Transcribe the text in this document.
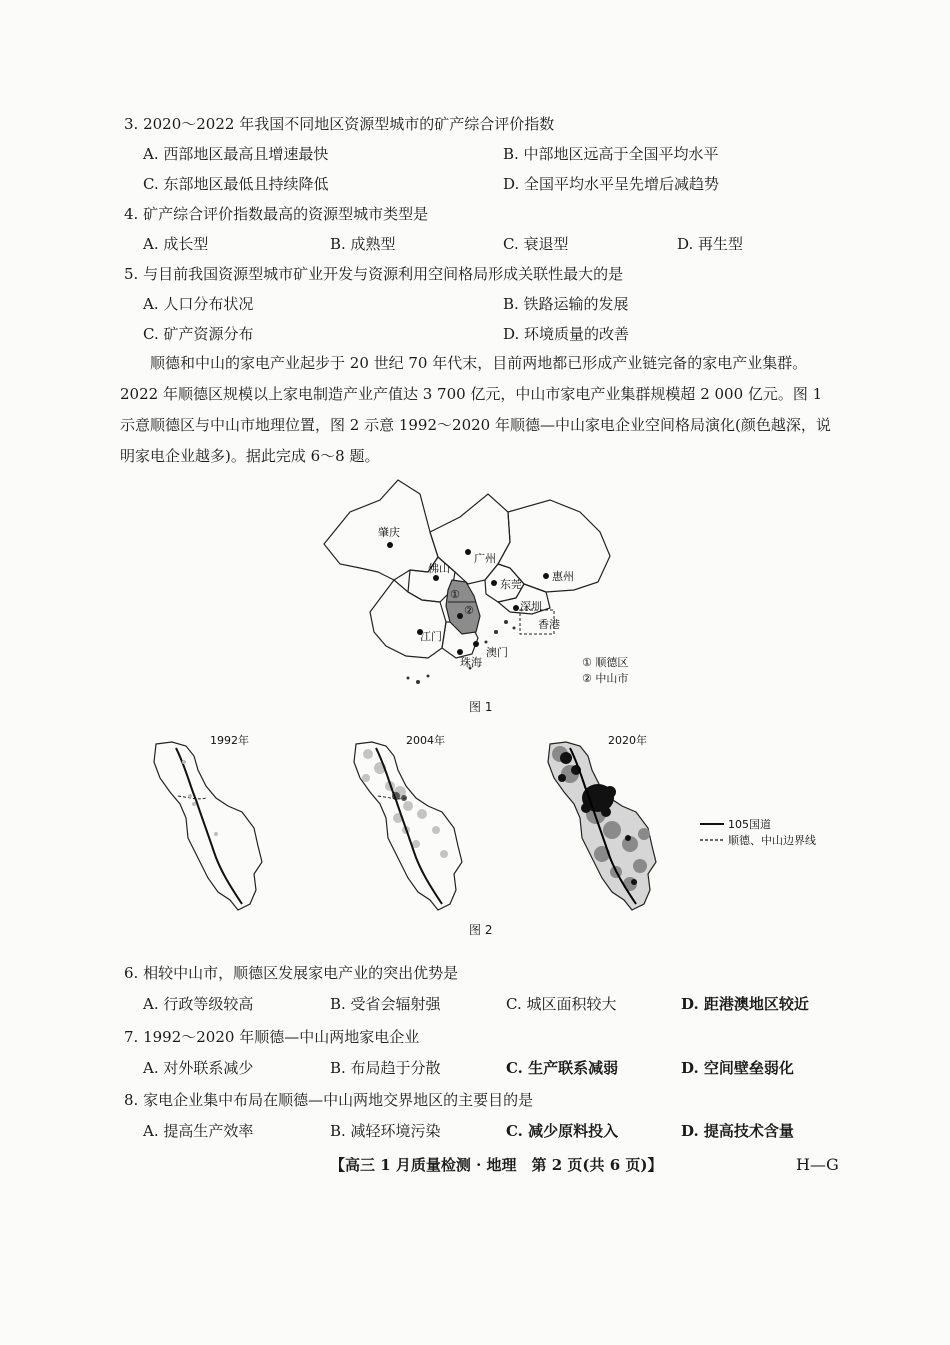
3. 2020～2022 年我国不同地区资源型城市的矿产综合评价指数
A. 西部地区最高且增速最快	B. 中部地区远高于全国平均水平
C. 东部地区最低且持续降低	D. 全国平均水平呈先增后减趋势
4. 矿产综合评价指数最高的资源型城市类型是
A. 成长型	B. 成熟型	C. 衰退型	D. 再生型
5. 与目前我国资源型城市矿业开发与资源利用空间格局形成关联性最大的是
A. 人口分布状况	B. 铁路运输的发展
C. 矿产资源分布	D. 环境质量的改善

顺德和中山的家电产业起步于 20 世纪 70 年代末，目前两地都已形成产业链完备的家电产业集群。2022 年顺德区规模以上家电制造产业产值达 3 700 亿元，中山市家电产业集群规模超 2 000 亿元。图 1 示意顺德区与中山市地理位置，图 2 示意 1992～2020 年顺德—中山家电企业空间格局演化(颜色越深，说明家电企业越多)。据此完成 6～8 题。

肇庆
佛山
广州
东莞
惠州
深圳
香港
江门
澳门
珠海
①
②
① 顺德区
② 中山市
图 1
1992年	2004年	2020年
105国道
顺德、中山边界线
图 2
6. 相较中山市，顺德区发展家电产业的突出优势是
A. 行政等级较高	B. 受省会辐射强	C. 城区面积较大	D. 距港澳地区较近
7. 1992～2020 年顺德—中山两地家电企业
A. 对外联系减少	B. 布局趋于分散	C. 生产联系减弱	D. 空间壁垒弱化
8. 家电企业集中布局在顺德—中山两地交界地区的主要目的是
A. 提高生产效率	B. 减轻环境污染	C. 减少原料投入	D. 提高技术含量
【高三 1 月质量检测 · 地理　第 2 页(共 6 页)】	H—G
